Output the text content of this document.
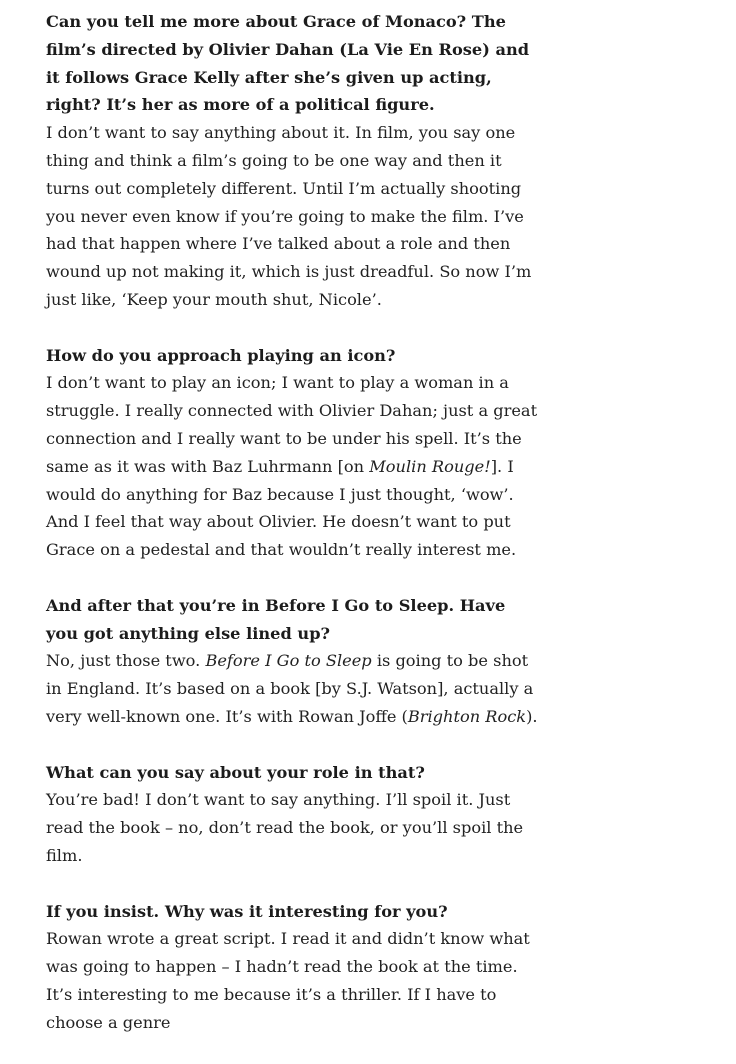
Can you tell me more about Grace of Monaco? The film’s directed by Olivier Dahan (La Vie En Rose) and it follows Grace Kelly after she’s given up acting, right? It’s her as more of a political figure.

I don’t want to say anything about it. In film, you say one thing and think a film’s going to be one way and then it turns out completely different. Until I’m actually shooting you never even know if you’re going to make the film. I’ve had that happen where I’ve talked about a role and then wound up not making it, which is just dreadful. So now I’m just like, ‘Keep your mouth shut, Nicole’.

How do you approach playing an icon?

I don’t want to play an icon; I want to play a woman in a struggle. I really connected with Olivier Dahan; just a great connection and I really want to be under his spell. It’s the same as it was with Baz Luhrmann [on Moulin Rouge!]. I would do anything for Baz because I just thought, ‘wow’. And I feel that way about Olivier. He doesn’t want to put Grace on a pedestal and that wouldn’t really interest me.

And after that you’re in Before I Go to Sleep. Have you got anything else lined up?

No, just those two. Before I Go to Sleep is going to be shot in England. It’s based on a book [by S.J. Watson], actually a very well-known one. It’s with Rowan Joffe (Brighton Rock).

What can you say about your role in that?

You’re bad! I don’t want to say anything. I’ll spoil it. Just read the book – no, don’t read the book, or you’ll spoil the film.

If you insist. Why was it interesting for you?

Rowan wrote a great script. I read it and didn’t know what was going to happen – I hadn’t read the book at the time. It’s interesting to me because it’s a thriller. If I have to choose a genre
